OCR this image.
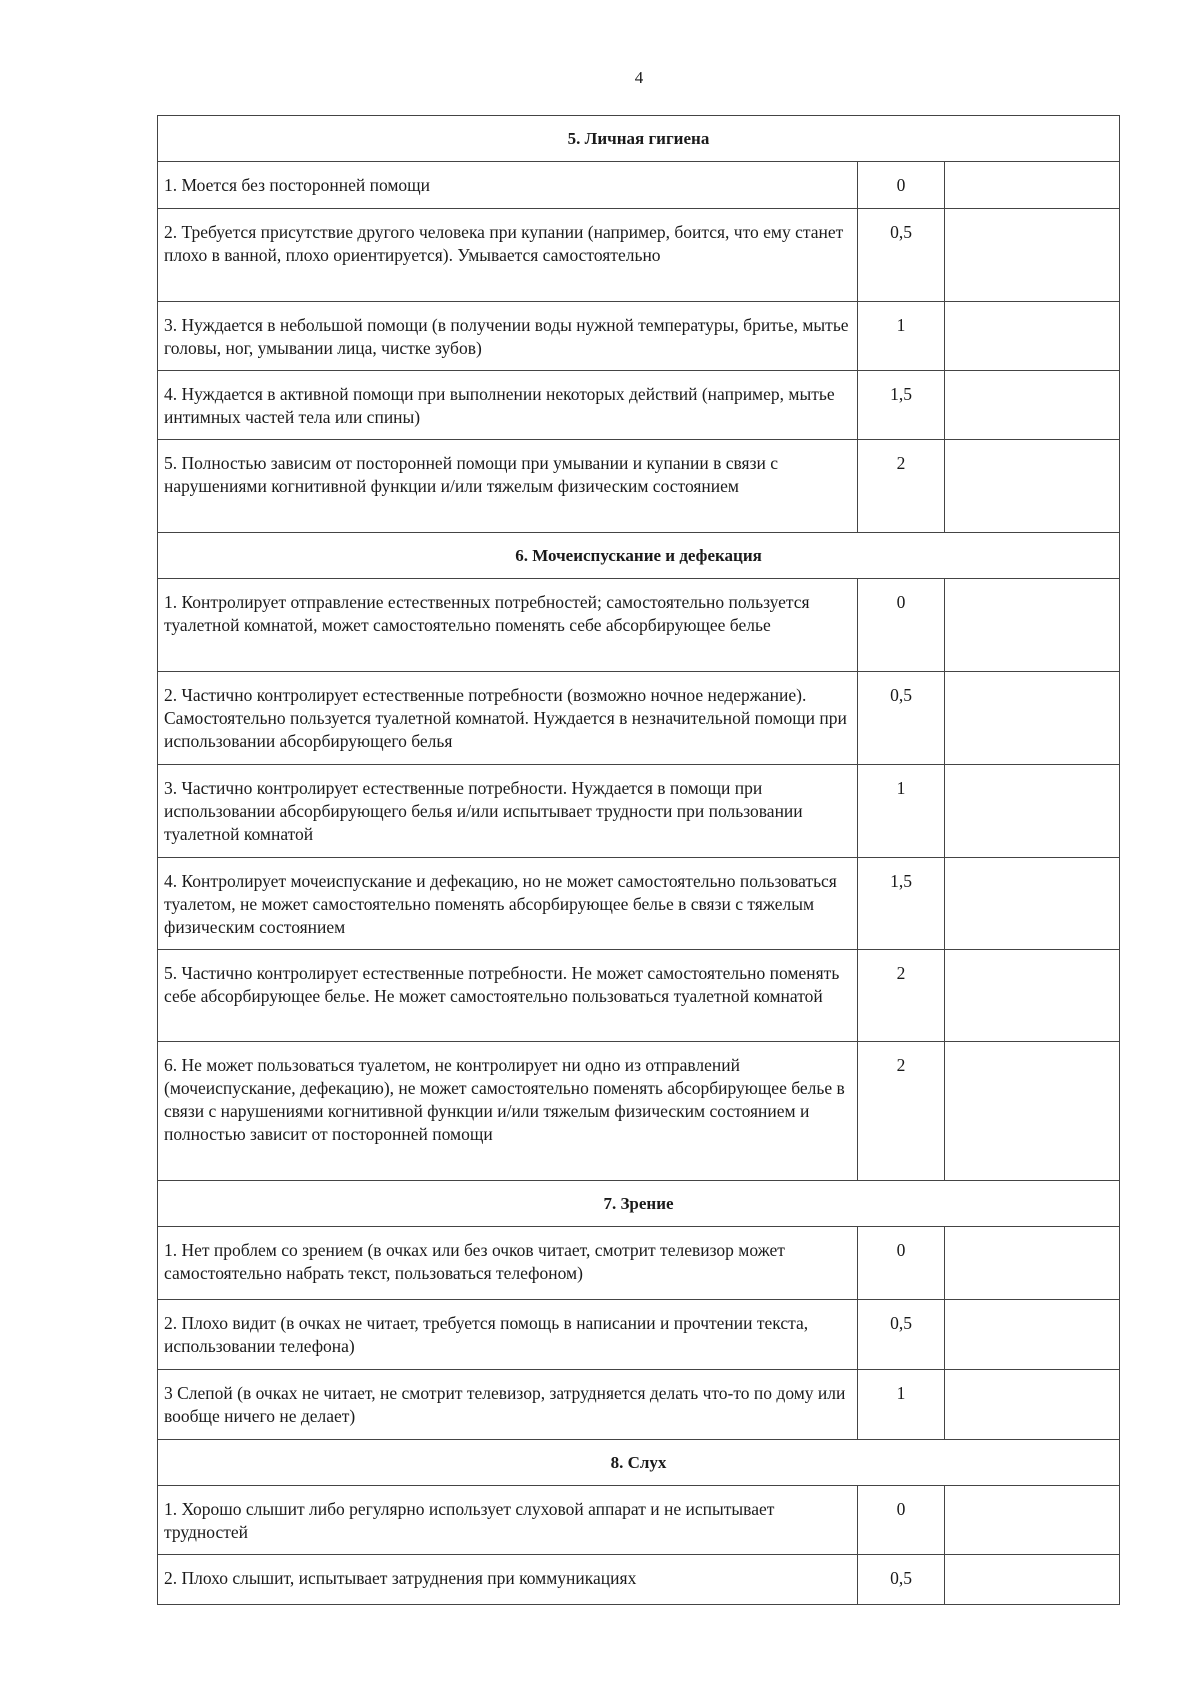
4
5. Личная гигиена
1. Моется без посторонней помощи	0
2. Требуется присутствие другого человека при купании (например, боится, что ему станет плохо в ванной, плохо ориентируется). Умывается самостоятельно
0,5
3. Нуждается в небольшой помощи (в получении воды нужной температуры, бритье, мытье головы, ног, умывании лица, чистке зубов)
1
4. Нуждается в активной помощи при выполнении некоторых действий (например, мытье интимных частей тела или спины)
1,5
5. Полностью зависим от посторонней помощи при умывании и купании в связи с нарушениями когнитивной функции и/или тяжелым физическим состоянием
2
6. Мочеиспускание и дефекация
1. Контролирует отправление естественных потребностей; самостоятельно пользуется туалетной комнатой, может самостоятельно поменять себе абсорбирующее белье
0
2. Частично контролирует естественные потребности (возможно ночное недержание). Самостоятельно пользуется туалетной комнатой. Нуждается в незначительной помощи при использовании абсорбирующего белья
0,5
3. Частично контролирует естественные потребности. Нуждается в помощи при использовании абсорбирующего белья и/или испытывает трудности при пользовании туалетной комнатой
1
4. Контролирует мочеиспускание и дефекацию, но не может самостоятельно пользоваться туалетом, не может самостоятельно поменять абсорбирующее белье в связи с тяжелым физическим состоянием
1,5
5. Частично контролирует естественные потребности. Не может самостоятельно поменять себе абсорбирующее белье. Не может самостоятельно пользоваться туалетной комнатой
2
6. Не может пользоваться туалетом, не контролирует ни одно из отправлений (мочеиспускание, дефекацию), не может самостоятельно поменять абсорбирующее белье в связи с нарушениями когнитивной функции и/или тяжелым физическим состоянием и полностью зависит от посторонней помощи
2
7. Зрение
1. Нет проблем со зрением (в очках или без очков читает, смотрит телевизор может самостоятельно набрать текст, пользоваться телефоном)
0
2. Плохо видит (в очках не читает, требуется помощь в написании и прочтении текста, использовании телефона)
0,5
3 Слепой (в очках не читает, не смотрит телевизор, затрудняется делать что-то по дому или вообще ничего не делает)
1
8. Слух
1. Хорошо слышит либо регулярно использует слуховой аппарат и не испытывает трудностей
0
2. Плохо слышит, испытывает затруднения при коммуникациях	0,5
